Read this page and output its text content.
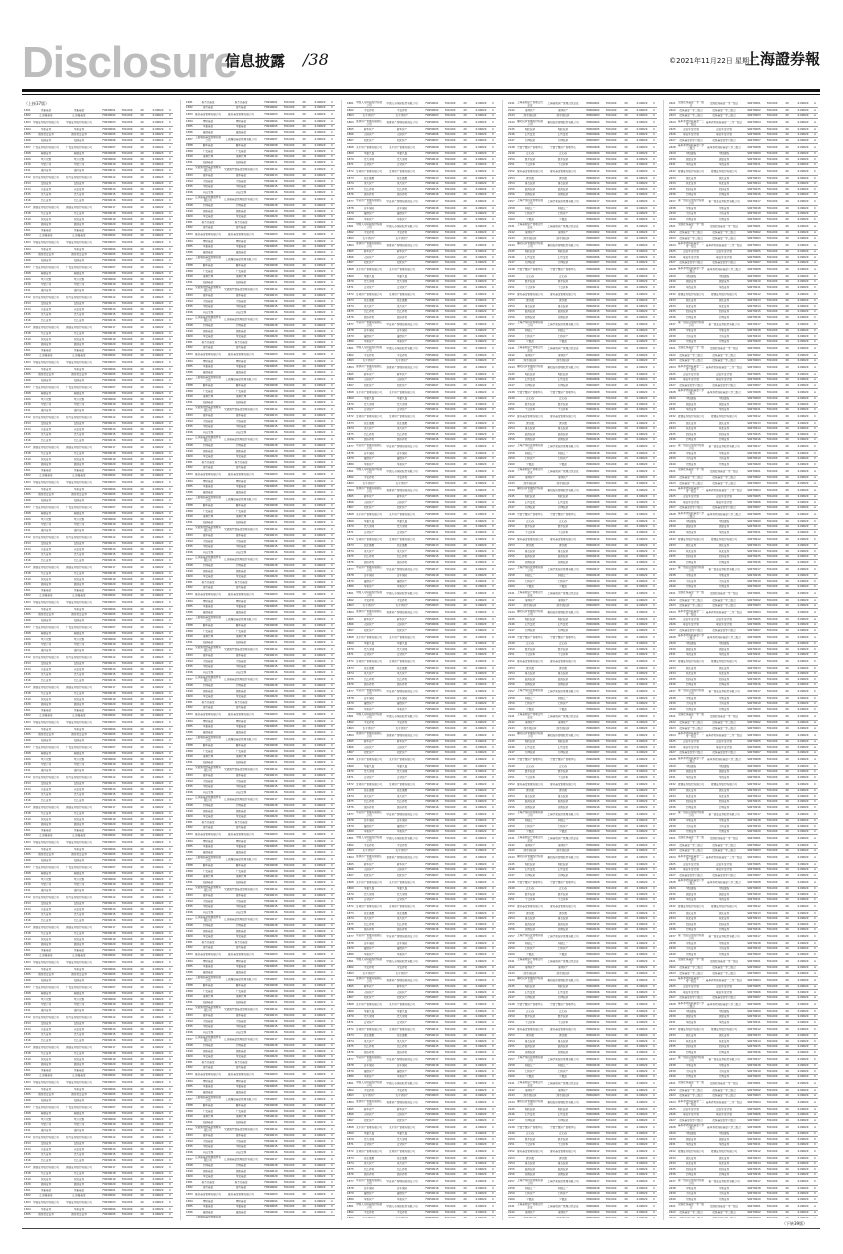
Disclosure
信息披露 /38	©2021年11月22日 星期一
上海證券報
（上接37版）
1301	朱雀基金	朱雀基金	F0030001	700,000	20	0.00020	C
1302	汇添富基金	汇添富基金	F0030002	700,000	20	0.00020	C
1303 中信证券股份有限公司	中信证券股份有限公司	F0030003	700,000	20	0.00020	C
1304	华泰证券	华泰证券	F0030004	700,000	20	0.00020	C
1305	国泰君安证券	国泰君安证券	F0030005	700,000	20	0.00020	C
1306	招商证券	招商证券	F0030006	700,000	20	0.00020	C
1307 广发证券股份有限公司	广发证券股份有限公司	F0030007	700,000	20	0.00020	C
1308	海通证券	海通证券	F0030008	700,000	20	0.00020	C
1309	申万宏源	申万宏源	F0030009	700,000	20	0.00020	C
1310	中金公司	中金公司	F0030010	700,000	20	0.00020	C
1311	银河证券	银河证券	F0030011	700,000	20	0.00020	C
1312 东方证券股份有限公司	东方证券股份有限公司	F0030012	700,000	20	0.00020	C
1313	安信证券	安信证券	F0030013	700,000	20	0.00020	C
1314	兴业证券	兴业证券	F0030014	700,000	20	0.00020	C
1315	光大证券	光大证券	F0030015	700,000	20	0.00020	C
1316	长江证券	长江证券	F0030016	700,000	20	0.00020	C
1317 国信证券股份有限公司	国信证券股份有限公司	F0030017	700,000	20	0.00020	C
1318	方正证券	方正证券	F0030018	700,000	20	0.00020	C
1319	东吴证券	东吴证券	F0030019	700,000	20	0.00020	C
1320	浙商证券	浙商证券	F0030020	700,000	20	0.00020	C
1301	朱雀基金	朱雀基金	F0030001	700,000	20	0.00020	C
1302	汇添富基金	汇添富基金	F0030002	700,000	20	0.00020	C
1303 中信证券股份有限公司	中信证券股份有限公司	F0030003	700,000	20	0.00020	C
1304	华泰证券	华泰证券	F0030004	700,000	20	0.00020	C
1305	国泰君安证券	国泰君安证券	F0030005	700,000	20	0.00020	C
1306	招商证券	招商证券	F0030006	700,000	20	0.00020	C
1307 广发证券股份有限公司	广发证券股份有限公司	F0030007	700,000	20	0.00020	C
1308	海通证券	海通证券	F0030008	700,000	20	0.00020	C
1309	申万宏源	申万宏源	F0030009	700,000	20	0.00020	C
1310	中金公司	中金公司	F0030010	700,000	20	0.00020	C
1311	银河证券	银河证券	F0030011	700,000	20	0.00020	C
1312 东方证券股份有限公司	东方证券股份有限公司	F0030012	700,000	20	0.00020	C
1313	安信证券	安信证券	F0030013	700,000	20	0.00020	C
1314	兴业证券	兴业证券	F0030014	700,000	20	0.00020	C
1315	光大证券	光大证券	F0030015	700,000	20	0.00020	C
1316	长江证券	长江证券	F0030016	700,000	20	0.00020	C
1317 国信证券股份有限公司	国信证券股份有限公司	F0030017	700,000	20	0.00020	C
1318	方正证券	方正证券	F0030018	700,000	20	0.00020	C
1319	东吴证券	东吴证券	F0030019	700,000	20	0.00020	C
1320	浙商证券	浙商证券	F0030020	700,000	20	0.00020	C
1301	朱雀基金	朱雀基金	F0030001	700,000	20	0.00020	C
1302	汇添富基金	汇添富基金	F0030002	700,000	20	0.00020	C
1303 中信证券股份有限公司	中信证券股份有限公司	F0030003	700,000	20	0.00020	C
1304	华泰证券	华泰证券	F0030004	700,000	20	0.00020	C
1305	国泰君安证券	国泰君安证券	F0030005	700,000	20	0.00020	C
1306	招商证券	招商证券	F0030006	700,000	20	0.00020	C
1307 广发证券股份有限公司	广发证券股份有限公司	F0030007	700,000	20	0.00020	C
1308	海通证券	海通证券	F0030008	700,000	20	0.00020	C
1309	申万宏源	申万宏源	F0030009	700,000	20	0.00020	C
1310	中金公司	中金公司	F0030010	700,000	20	0.00020	C
1311	银河证券	银河证券	F0030011	700,000	20	0.00020	C
1312 东方证券股份有限公司	东方证券股份有限公司	F0030012	700,000	20	0.00020	C
1313	安信证券	安信证券	F0030013	700,000	20	0.00020	C
1314	兴业证券	兴业证券	F0030014	700,000	20	0.00020	C
1315	光大证券	光大证券	F0030015	700,000	20	0.00020	C
1316	长江证券	长江证券	F0030016	700,000	20	0.00020	C
1317 国信证券股份有限公司	国信证券股份有限公司	F0030017	700,000	20	0.00020	C
1318	方正证券	方正证券	F0030018	700,000	20	0.00020	C
1319	东吴证券	东吴证券	F0030019	700,000	20	0.00020	C
1320	浙商证券	浙商证券	F0030020	700,000	20	0.00020	C
1301	朱雀基金	朱雀基金	F0030001	700,000	20	0.00020	C
1302	汇添富基金	汇添富基金	F0030002	700,000	20	0.00020	C
1303 中信证券股份有限公司	中信证券股份有限公司	F0030003	700,000	20	0.00020	C
1304	华泰证券	华泰证券	F0030004	700,000	20	0.00020	C
1305	国泰君安证券	国泰君安证券	F0030005	700,000	20	0.00020	C
1306	招商证券	招商证券	F0030006	700,000	20	0.00020	C
1307 广发证券股份有限公司	广发证券股份有限公司	F0030007	700,000	20	0.00020	C
1308	海通证券	海通证券	F0030008	700,000	20	0.00020	C
1309	申万宏源	申万宏源	F0030009	700,000	20	0.00020	C
1310	中金公司	中金公司	F0030010	700,000	20	0.00020	C
1311	银河证券	银河证券	F0030011	700,000	20	0.00020	C
1312 东方证券股份有限公司	东方证券股份有限公司	F0030012	700,000	20	0.00020	C
1313	安信证券	安信证券	F0030013	700,000	20	0.00020	C
1314	兴业证券	兴业证券	F0030014	700,000	20	0.00020	C
1315	光大证券	光大证券	F0030015	700,000	20	0.00020	C
1316	长江证券	长江证券	F0030016	700,000	20	0.00020	C
1317 国信证券股份有限公司	国信证券股份有限公司	F0030017	700,000	20	0.00020	C
1318	方正证券	方正证券	F0030018	700,000	20	0.00020	C
1319	东吴证券	东吴证券	F0030019	700,000	20	0.00020	C
1320	浙商证券	浙商证券	F0030020	700,000	20	0.00020	C
1301	朱雀基金	朱雀基金	F0030001	700,000	20	0.00020	C
1302	汇添富基金	汇添富基金	F0030002	700,000	20	0.00020	C
1303 中信证券股份有限公司	中信证券股份有限公司	F0030003	700,000	20	0.00020	C
1304	华泰证券	华泰证券	F0030004	700,000	20	0.00020	C
1305	国泰君安证券	国泰君安证券	F0030005	700,000	20	0.00020	C
1306	招商证券	招商证券	F0030006	700,000	20	0.00020	C
1307 广发证券股份有限公司	广发证券股份有限公司	F0030007	700,000	20	0.00020	C
1308	海通证券	海通证券	F0030008	700,000	20	0.00020	C
1309	申万宏源	申万宏源	F0030009	700,000	20	0.00020	C
1310	中金公司	中金公司	F0030010	700,000	20	0.00020	C
1311	银河证券	银河证券	F0030011	700,000	20	0.00020	C
1312 东方证券股份有限公司	东方证券股份有限公司	F0030012	700,000	20	0.00020	C
1313	安信证券	安信证券	F0030013	700,000	20	0.00020	C
1314	兴业证券	兴业证券	F0030014	700,000	20	0.00020	C
1315	光大证券	光大证券	F0030015	700,000	20	0.00020	C
1316	长江证券	长江证券	F0030016	700,000	20	0.00020	C
1317 国信证券股份有限公司	国信证券股份有限公司	F0030017	700,000	20	0.00020	C
1318	方正证券	方正证券	F0030018	700,000	20	0.00020	C
1319	东吴证券	东吴证券	F0030019	700,000	20	0.00020	C
1320	浙商证券	浙商证券	F0030020	700,000	20	0.00020	C
1301	朱雀基金	朱雀基金	F0030001	700,000	20	0.00020	C
1302	汇添富基金	汇添富基金	F0030002	700,000	20	0.00020	C
1303 中信证券股份有限公司	中信证券股份有限公司	F0030003	700,000	20	0.00020	C
1304	华泰证券	华泰证券	F0030004	700,000	20	0.00020	C
1305	国泰君安证券	国泰君安证券	F0030005	700,000	20	0.00020	C
1306	招商证券	招商证券	F0030006	700,000	20	0.00020	C
1307 广发证券股份有限公司	广发证券股份有限公司	F0030007	700,000	20	0.00020	C
1308	海通证券	海通证券	F0030008	700,000	20	0.00020	C
1309	申万宏源	申万宏源	F0030009	700,000	20	0.00020	C
1310	中金公司	中金公司	F0030010	700,000	20	0.00020	C
1311	银河证券	银河证券	F0030011	700,000	20	0.00020	C
1312 东方证券股份有限公司	东方证券股份有限公司	F0030012	700,000	20	0.00020	C
1313	安信证券	安信证券	F0030013	700,000	20	0.00020	C
1314	兴业证券	兴业证券	F0030014	700,000	20	0.00020	C
1315	光大证券	光大证券	F0030015	700,000	20	0.00020	C
1316	长江证券	长江证券	F0030016	700,000	20	0.00020	C
1317 国信证券股份有限公司	国信证券股份有限公司	F0030017	700,000	20	0.00020	C
1318	方正证券	方正证券	F0030018	700,000	20	0.00020	C
1319	东吴证券	东吴证券	F0030019	700,000	20	0.00020	C
1320	浙商证券	浙商证券	F0030020	700,000	20	0.00020	C
1301	朱雀基金	朱雀基金	F0030001	700,000	20	0.00020	C
1302	汇添富基金	汇添富基金	F0030002	700,000	20	0.00020	C
1303 中信证券股份有限公司	中信证券股份有限公司	F0030003	700,000	20	0.00020	C
1304	华泰证券	华泰证券	F0030004	700,000	20	0.00020	C
1305	国泰君安证券	国泰君安证券	F0030005	700,000	20	0.00020	C
1306	招商证券	招商证券	F0030006	700,000	20	0.00020	C
1307 广发证券股份有限公司	广发证券股份有限公司	F0030007	700,000	20	0.00020	C
1308	海通证券	海通证券	F0030008	700,000	20	0.00020	C
1309	申万宏源	申万宏源	F0030009	700,000	20	0.00020	C
1310	中金公司	中金公司	F0030010	700,000	20	0.00020	C
1311	银河证券	银河证券	F0030011	700,000	20	0.00020	C
1312 东方证券股份有限公司	东方证券股份有限公司	F0030012	700,000	20	0.00020	C
1313	安信证券	安信证券	F0030013	700,000	20	0.00020	C
1314	兴业证券	兴业证券	F0030014	700,000	20	0.00020	C
1315	光大证券	光大证券	F0030015	700,000	20	0.00020	C
1316	长江证券	长江证券	F0030016	700,000	20	0.00020	C
1317 国信证券股份有限公司	国信证券股份有限公司	F0030017	700,000	20	0.00020	C
1318	方正证券	方正证券	F0030018	700,000	20	0.00020	C
1319	东吴证券	东吴证券	F0030019	700,000	20	0.00020	C
1320	浙商证券	浙商证券	F0030020	700,000	20	0.00020	C
1301	朱雀基金	朱雀基金	F0030001	700,000	20	0.00020	C
1302	汇添富基金	汇添富基金	F0030002	700,000	20	0.00020	C
1303 中信证券股份有限公司	中信证券股份有限公司	F0030003	700,000	20	0.00020	C
1304	华泰证券	华泰证券	F0030004	700,000	20	0.00020	C
1305	国泰君安证券	国泰君安证券	F0030005	700,000	20	0.00020	C
1306	招商证券	招商证券	F0030006	700,000	20	0.00020	C
1307 广发证券股份有限公司	广发证券股份有限公司	F0030007	700,000	20	0.00020	C
1308	海通证券	海通证券	F0030008	700,000	20	0.00020	C
1309	申万宏源	申万宏源	F0030009	700,000	20	0.00020	C
1310	中金公司	中金公司	F0030010	700,000	20	0.00020	C
1311	银河证券	银河证券	F0030011	700,000	20	0.00020	C
1312 东方证券股份有限公司	东方证券股份有限公司	F0030012	700,000	20	0.00020	C
1313	安信证券	安信证券	F0030013	700,000	20	0.00020	C
1314	兴业证券	兴业证券	F0030014	700,000	20	0.00020	C
1315	光大证券	光大证券	F0030015	700,000	20	0.00020	C
1316	长江证券	长江证券	F0030016	700,000	20	0.00020	C
1317 国信证券股份有限公司	国信证券股份有限公司	F0030017	700,000	20	0.00020	C
1318	方正证券	方正证券	F0030018	700,000	20	0.00020	C
1319	东吴证券	东吴证券	F0030019	700,000	20	0.00020	C
1320	浙商证券	浙商证券	F0030020	700,000	20	0.00020	C
1301	朱雀基金	朱雀基金	F0030001	700,000	20	0.00020	C
1302	汇添富基金	汇添富基金	F0030002	700,000	20	0.00020	C
1303 中信证券股份有限公司	中信证券股份有限公司	F0030003	700,000	20	0.00020	C
1304	华泰证券	华泰证券	F0030004	700,000	20	0.00020	C
1305	国泰君安证券	国泰君安证券	F0030005	700,000	20	0.00020	C
1306	招商证券	招商证券	F0030006	700,000	20	0.00020	C
1307 广发证券股份有限公司	广发证券股份有限公司	F0030007	700,000	20	0.00020	C
1308	海通证券	海通证券	F0030008	700,000	20	0.00020	C
1309	申万宏源	申万宏源	F0030009	700,000	20	0.00020	C
1310	中金公司	中金公司	F0030010	700,000	20	0.00020	C
1311	银河证券	银河证券	F0030011	700,000	20	0.00020	C
1312 东方证券股份有限公司	东方证券股份有限公司	F0030012	700,000	20	0.00020	C
1313	安信证券	安信证券	F0030013	700,000	20	0.00020	C
1314	兴业证券	兴业证券	F0030014	700,000	20	0.00020	C
1315	光大证券	光大证券	F0030015	700,000	20	0.00020	C
1316	长江证券	长江证券	F0030016	700,000	20	0.00020	C
1317 国信证券股份有限公司	国信证券股份有限公司	F0030017	700,000	20	0.00020	C
1318	方正证券	方正证券	F0030018	700,000	20	0.00020	C
1319	东吴证券	东吴证券	F0030019	700,000	20	0.00020	C
1320	浙商证券	浙商证券	F0030020	700,000	20	0.00020	C
1301	朱雀基金	朱雀基金	F0030001	700,000	20	0.00020	C
1302	汇添富基金	汇添富基金	F0030002	700,000	20	0.00020	C
1303 中信证券股份有限公司	中信证券股份有限公司	F0030003	700,000	20	0.00020	C
1304	华泰证券	华泰证券	F0030004	700,000	20	0.00020	C
1305	国泰君安证券	国泰君安证券	F0030005	700,000	20	0.00020	C
1581	易方达基金	易方达基金	F0040001	700,000	20	0.00020	C
1582	南方基金	南方基金	F0040002	700,000	20	0.00020	C
1583 嘉实基金管理有限公司	嘉实基金管理有限公司	F0040003	700,000	20	0.00020	C
1584	博时基金	博时基金	F0040004	700,000	20	0.00020	C
1585	华夏基金	华夏基金	F0040005	700,000	20	0.00020	C
1586	富国基金	富国基金	F0040006	700,000	20	0.00020	C
1587 工银瑞信基金管理有限公司	工银瑞信基金管理有限公司	F0040007	700,000	20	0.00020	C
1588	鹏华基金	鹏华基金	F0040008	700,000	20	0.00020	C
1589	广发基金	广发基金	F0040009	700,000	20	0.00020	C
1590	景顺长城	景顺长城	F0040010	700,000	20	0.00020	C
1591	招商基金	招商基金	F0040011	700,000	20	0.00020	C
1592 交银施罗德基金管理有限公司	交银施罗德基金管理有限公司	F0040012	700,000	20	0.00020	C
1593	银华基金	银华基金	F0040013	700,000	20	0.00020	C
1594	大成基金	大成基金	F0040014	700,000	20	0.00020	C
1595	中欧基金	中欧基金	F0040015	700,000	20	0.00020	C
1596	兴证全球	兴证全球	F0040016	700,000	20	0.00020	C
1597 汇添富基金管理股份有限公司	汇添富基金管理股份有限公司	F0040017	700,000	20	0.00020	C
1598	长城基金	长城基金	F0040018	700,000	20	0.00020	C
1599	国泰基金	国泰基金	F0040019	700,000	20	0.00020	C
1600	华安基金	华安基金	F0040020	700,000	20	0.00020	C
1581	易方达基金	易方达基金	F0040001	700,000	20	0.00020	C
1582	南方基金	南方基金	F0040002	700,000	20	0.00020	C
1583 嘉实基金管理有限公司	嘉实基金管理有限公司	F0040003	700,000	20	0.00020	C
1584	博时基金	博时基金	F0040004	700,000	20	0.00020	C
1585	华夏基金	华夏基金	F0040005	700,000	20	0.00020	C
1586	富国基金	富国基金	F0040006	700,000	20	0.00020	C
1587 工银瑞信基金管理有限公司	工银瑞信基金管理有限公司	F0040007	700,000	20	0.00020	C
1588	鹏华基金	鹏华基金	F0040008	700,000	20	0.00020	C
1589	广发基金	广发基金	F0040009	700,000	20	0.00020	C
1590	景顺长城	景顺长城	F0040010	700,000	20	0.00020	C
1591	招商基金	招商基金	F0040011	700,000	20	0.00020	C
1592 交银施罗德基金管理有限公司	交银施罗德基金管理有限公司	F0040012	700,000	20	0.00020	C
1593	银华基金	银华基金	F0040013	700,000	20	0.00020	C
1594	大成基金	大成基金	F0040014	700,000	20	0.00020	C
1595	中欧基金	中欧基金	F0040015	700,000	20	0.00020	C
1596	兴证全球	兴证全球	F0040016	700,000	20	0.00020	C
1597 汇添富基金管理股份有限公司	汇添富基金管理股份有限公司	F0040017	700,000	20	0.00020	C
1598	长城基金	长城基金	F0040018	700,000	20	0.00020	C
1599	国泰基金	国泰基金	F0040019	700,000	20	0.00020	C
1600	华安基金	华安基金	F0040020	700,000	20	0.00020	C
1581	易方达基金	易方达基金	F0040001	700,000	20	0.00020	C
1582	南方基金	南方基金	F0040002	700,000	20	0.00020	C
1583 嘉实基金管理有限公司	嘉实基金管理有限公司	F0040003	700,000	20	0.00020	C
1584	博时基金	博时基金	F0040004	700,000	20	0.00020	C
1585	华夏基金	华夏基金	F0040005	700,000	20	0.00020	C
1586	富国基金	富国基金	F0040006	700,000	20	0.00020	C
1587 工银瑞信基金管理有限公司	工银瑞信基金管理有限公司	F0040007	700,000	20	0.00020	C
1588	鹏华基金	鹏华基金	F0040008	700,000	20	0.00020	C
1589	广发基金	广发基金	F0040009	700,000	20	0.00020	C
1590	景顺长城	景顺长城	F0040010	700,000	20	0.00020	C
1591	招商基金	招商基金	F0040011	700,000	20	0.00020	C
1592 交银施罗德基金管理有限公司	交银施罗德基金管理有限公司	F0040012	700,000	20	0.00020	C
1593	银华基金	银华基金	F0040013	700,000	20	0.00020	C
1594	大成基金	大成基金	F0040014	700,000	20	0.00020	C
1595	中欧基金	中欧基金	F0040015	700,000	20	0.00020	C
1596	兴证全球	兴证全球	F0040016	700,000	20	0.00020	C
1597 汇添富基金管理股份有限公司	汇添富基金管理股份有限公司	F0040017	700,000	20	0.00020	C
1598	长城基金	长城基金	F0040018	700,000	20	0.00020	C
1599	国泰基金	国泰基金	F0040019	700,000	20	0.00020	C
1600	华安基金	华安基金	F0040020	700,000	20	0.00020	C
1581	易方达基金	易方达基金	F0040001	700,000	20	0.00020	C
1582	南方基金	南方基金	F0040002	700,000	20	0.00020	C
1583 嘉实基金管理有限公司	嘉实基金管理有限公司	F0040003	700,000	20	0.00020	C
1584	博时基金	博时基金	F0040004	700,000	20	0.00020	C
1585	华夏基金	华夏基金	F0040005	700,000	20	0.00020	C
1586	富国基金	富国基金	F0040006	700,000	20	0.00020	C
1587 工银瑞信基金管理有限公司	工银瑞信基金管理有限公司	F0040007	700,000	20	0.00020	C
1588	鹏华基金	鹏华基金	F0040008	700,000	20	0.00020	C
1589	广发基金	广发基金	F0040009	700,000	20	0.00020	C
1590	景顺长城	景顺长城	F0040010	700,000	20	0.00020	C
1591	招商基金	招商基金	F0040011	700,000	20	0.00020	C
1592 交银施罗德基金管理有限公司	交银施罗德基金管理有限公司	F0040012	700,000	20	0.00020	C
1593	银华基金	银华基金	F0040013	700,000	20	0.00020	C
1594	大成基金	大成基金	F0040014	700,000	20	0.00020	C
1595	中欧基金	中欧基金	F0040015	700,000	20	0.00020	C
1596	兴证全球	兴证全球	F0040016	700,000	20	0.00020	C
1597 汇添富基金管理股份有限公司	汇添富基金管理股份有限公司	F0040017	700,000	20	0.00020	C
1598	长城基金	长城基金	F0040018	700,000	20	0.00020	C
1599	国泰基金	国泰基金	F0040019	700,000	20	0.00020	C
1600	华安基金	华安基金	F0040020	700,000	20	0.00020	C
1581	易方达基金	易方达基金	F0040001	700,000	20	0.00020	C
1582	南方基金	南方基金	F0040002	700,000	20	0.00020	C
1583 嘉实基金管理有限公司	嘉实基金管理有限公司	F0040003	700,000	20	0.00020	C
1584	博时基金	博时基金	F0040004	700,000	20	0.00020	C
1585	华夏基金	华夏基金	F0040005	700,000	20	0.00020	C
1586	富国基金	富国基金	F0040006	700,000	20	0.00020	C
1587 工银瑞信基金管理有限公司	工银瑞信基金管理有限公司	F0040007	700,000	20	0.00020	C
1588	鹏华基金	鹏华基金	F0040008	700,000	20	0.00020	C
1589	广发基金	广发基金	F0040009	700,000	20	0.00020	C
1590	景顺长城	景顺长城	F0040010	700,000	20	0.00020	C
1591	招商基金	招商基金	F0040011	700,000	20	0.00020	C
1592 交银施罗德基金管理有限公司	交银施罗德基金管理有限公司	F0040012	700,000	20	0.00020	C
1593	银华基金	银华基金	F0040013	700,000	20	0.00020	C
1594	大成基金	大成基金	F0040014	700,000	20	0.00020	C
1595	中欧基金	中欧基金	F0040015	700,000	20	0.00020	C
1596	兴证全球	兴证全球	F0040016	700,000	20	0.00020	C
1597 汇添富基金管理股份有限公司	汇添富基金管理股份有限公司	F0040017	700,000	20	0.00020	C
1598	长城基金	长城基金	F0040018	700,000	20	0.00020	C
1599	国泰基金	国泰基金	F0040019	700,000	20	0.00020	C
1600	华安基金	华安基金	F0040020	700,000	20	0.00020	C
1581	易方达基金	易方达基金	F0040001	700,000	20	0.00020	C
1582	南方基金	南方基金	F0040002	700,000	20	0.00020	C
1583 嘉实基金管理有限公司	嘉实基金管理有限公司	F0040003	700,000	20	0.00020	C
1584	博时基金	博时基金	F0040004	700,000	20	0.00020	C
1585	华夏基金	华夏基金	F0040005	700,000	20	0.00020	C
1586	富国基金	富国基金	F0040006	700,000	20	0.00020	C
1587 工银瑞信基金管理有限公司	工银瑞信基金管理有限公司	F0040007	700,000	20	0.00020	C
1588	鹏华基金	鹏华基金	F0040008	700,000	20	0.00020	C
1589	广发基金	广发基金	F0040009	700,000	20	0.00020	C
1590	景顺长城	景顺长城	F0040010	700,000	20	0.00020	C
1591	招商基金	招商基金	F0040011	700,000	20	0.00020	C
1592 交银施罗德基金管理有限公司	交银施罗德基金管理有限公司	F0040012	700,000	20	0.00020	C
1593	银华基金	银华基金	F0040013	700,000	20	0.00020	C
1594	大成基金	大成基金	F0040014	700,000	20	0.00020	C
1595	中欧基金	中欧基金	F0040015	700,000	20	0.00020	C
1596	兴证全球	兴证全球	F0040016	700,000	20	0.00020	C
1597 汇添富基金管理股份有限公司	汇添富基金管理股份有限公司	F0040017	700,000	20	0.00020	C
1598	长城基金	长城基金	F0040018	700,000	20	0.00020	C
1599	国泰基金	国泰基金	F0040019	700,000	20	0.00020	C
1600	华安基金	华安基金	F0040020	700,000	20	0.00020	C
1581	易方达基金	易方达基金	F0040001	700,000	20	0.00020	C
1582	南方基金	南方基金	F0040002	700,000	20	0.00020	C
1583 嘉实基金管理有限公司	嘉实基金管理有限公司	F0040003	700,000	20	0.00020	C
1584	博时基金	博时基金	F0040004	700,000	20	0.00020	C
1585	华夏基金	华夏基金	F0040005	700,000	20	0.00020	C
1586	富国基金	富国基金	F0040006	700,000	20	0.00020	C
1587 工银瑞信基金管理有限公司	工银瑞信基金管理有限公司	F0040007	700,000	20	0.00020	C
1588	鹏华基金	鹏华基金	F0040008	700,000	20	0.00020	C
1589	广发基金	广发基金	F0040009	700,000	20	0.00020	C
1590	景顺长城	景顺长城	F0040010	700,000	20	0.00020	C
1591	招商基金	招商基金	F0040011	700,000	20	0.00020	C
1592 交银施罗德基金管理有限公司	交银施罗德基金管理有限公司	F0040012	700,000	20	0.00020	C
1593	银华基金	银华基金	F0040013	700,000	20	0.00020	C
1594	大成基金	大成基金	F0040014	700,000	20	0.00020	C
1595	中欧基金	中欧基金	F0040015	700,000	20	0.00020	C
1596	兴证全球	兴证全球	F0040016	700,000	20	0.00020	C
1597 汇添富基金管理股份有限公司	汇添富基金管理股份有限公司	F0040017	700,000	20	0.00020	C
1598	长城基金	长城基金	F0040018	700,000	20	0.00020	C
1599	国泰基金	国泰基金	F0040019	700,000	20	0.00020	C
1600	华安基金	华安基金	F0040020	700,000	20	0.00020	C
1581	易方达基金	易方达基金	F0040001	700,000	20	0.00020	C
1582	南方基金	南方基金	F0040002	700,000	20	0.00020	C
1583 嘉实基金管理有限公司	嘉实基金管理有限公司	F0040003	700,000	20	0.00020	C
1584	博时基金	博时基金	F0040004	700,000	20	0.00020	C
1585	华夏基金	华夏基金	F0040005	700,000	20	0.00020	C
1586	富国基金	富国基金	F0040006	700,000	20	0.00020	C
1587 工银瑞信基金管理有限公司	工银瑞信基金管理有限公司	F0040007	700,000	20	0.00020	C
1588	鹏华基金	鹏华基金	F0040008	700,000	20	0.00020	C
1589	广发基金	广发基金	F0040009	700,000	20	0.00020	C
1590	景顺长城	景顺长城	F0040010	700,000	20	0.00020	C
1591	招商基金	招商基金	F0040011	700,000	20	0.00020	C
1592 交银施罗德基金管理有限公司	交银施罗德基金管理有限公司	F0040012	700,000	20	0.00020	C
1593	银华基金	银华基金	F0040013	700,000	20	0.00020	C
1594	大成基金	大成基金	F0040014	700,000	20	0.00020	C
1595	中欧基金	中欧基金	F0040015	700,000	20	0.00020	C
1596	兴证全球	兴证全球	F0040016	700,000	20	0.00020	C
1597 汇添富基金管理股份有限公司	汇添富基金管理股份有限公司	F0040017	700,000	20	0.00020	C
1598	长城基金	长城基金	F0040018	700,000	20	0.00020	C
1599	国泰基金	国泰基金	F0040019	700,000	20	0.00020	C
1600	华安基金	华安基金	F0040020	700,000	20	0.00020	C
1581	易方达基金	易方达基金	F0040001	700,000	20	0.00020	C
1582	南方基金	南方基金	F0040002	700,000	20	0.00020	C
1583 嘉实基金管理有限公司	嘉实基金管理有限公司	F0040003	700,000	20	0.00020	C
1584	博时基金	博时基金	F0040004	700,000	20	0.00020	C
1585	华夏基金	华夏基金	F0040005	700,000	20	0.00020	C
1586	富国基金	富国基金	F0040006	700,000	20	0.00020	C
1587 工银瑞信基金管理有限公司	工银瑞信基金管理有限公司	F0040007	700,000	20	0.00020	C
1588	鹏华基金	鹏华基金	F0040008	700,000	20	0.00020	C
1589	广发基金	广发基金	F0040009	700,000	20	0.00020	C
1590	景顺长城	景顺长城	F0040010	700,000	20	0.00020	C
1591	招商基金	招商基金	F0040011	700,000	20	0.00020	C
1592 交银施罗德基金管理有限公司	交银施罗德基金管理有限公司	F0040012	700,000	20	0.00020	C
1593	银华基金	银华基金	F0040013	700,000	20	0.00020	C
1594	大成基金	大成基金	F0040014	700,000	20	0.00020	C
1595	中欧基金	中欧基金	F0040015	700,000	20	0.00020	C
1596	兴证全球	兴证全球	F0040016	700,000	20	0.00020	C
1597 汇添富基金管理股份有限公司	汇添富基金管理股份有限公司	F0040017	700,000	20	0.00020	C
1598	长城基金	长城基金	F0040018	700,000	20	0.00020	C
1599	国泰基金	国泰基金	F0040019	700,000	20	0.00020	C
1600	华安基金	华安基金	F0040020	700,000	20	0.00020	C
1581	易方达基金	易方达基金	F0040001	700,000	20	0.00020	C
1582	南方基金	南方基金	F0040002	700,000	20	0.00020	C
1583 嘉实基金管理有限公司	嘉实基金管理有限公司	F0040003	700,000	20	0.00020	C
1584	博时基金	博时基金	F0040004	700,000	20	0.00020	C
1585	华夏基金	华夏基金	F0040005	700,000	20	0.00020	C
1586	富国基金	富国基金	F0040006	700,000	20	0.00020	C
工银瑞信基金管理有限
1861 中国人寿保险股份有限公司	中国人寿保险股份有限公司	F0050001	700,000	20	0.00020	C
1862	平安养老	平安养老	F0050002	700,000	20	0.00020	C
1863	太平洋资产	太平洋资产	F0050003	700,000	20	0.00020	C
1864 泰康资产管理有限责任公司	泰康资产管理有限责任公司	F0050004	700,000	20	0.00020	C
1865	新华资产	新华资产	F0050005	700,000	20	0.00020	C
1866	人保资产	人保资产	F0050006	700,000	20	0.00020	C
1867	阳光资产	阳光资产	F0050007	700,000	20	0.00020	C
1868 太平资产管理有限公司	太平资产管理有限公司	F0050008	700,000	20	0.00020	C
1869	华夏久盈	华夏久盈	F0050009	700,000	20	0.00020	C
1870	光大永明	光大永明	F0050010	700,000	20	0.00020	C
1871	合众资产	合众资产	F0050011	700,000	20	0.00020	C
1872 生命资产管理有限公司	生命资产管理有限公司	F0050012	700,000	20	0.00020	C
1873	民生通惠	民生通惠	F0050013	700,000	20	0.00020	C
1874	英大资产	英大资产	F0050014	700,000	20	0.00020	C
1875	长江养老	长江养老	F0050015	700,000	20	0.00020	C
1876	国寿养老	国寿养老	F0050016	700,000	20	0.00020	C
1877 中意资产管理有限责任公司	中意资产管理有限责任公司	F0050017	700,000	20	0.00020	C
1878	百年保险	百年保险	F0050018	700,000	20	0.00020	C
1879	富德资产	富德资产	F0050019	700,000	20	0.00020	C
1880	华泰资产	华泰资产	F0050020	700,000	20	0.00020	C
1861 中国人寿保险股份有限公司	中国人寿保险股份有限公司	F0050001	700,000	20	0.00020	C
1862	平安养老	平安养老	F0050002	700,000	20	0.00020	C
1863	太平洋资产	太平洋资产	F0050003	700,000	20	0.00020	C
1864 泰康资产管理有限责任公司	泰康资产管理有限责任公司	F0050004	700,000	20	0.00020	C
1865	新华资产	新华资产	F0050005	700,000	20	0.00020	C
1866	人保资产	人保资产	F0050006	700,000	20	0.00020	C
1867	阳光资产	阳光资产	F0050007	700,000	20	0.00020	C
1868 太平资产管理有限公司	太平资产管理有限公司	F0050008	700,000	20	0.00020	C
1869	华夏久盈	华夏久盈	F0050009	700,000	20	0.00020	C
1870	光大永明	光大永明	F0050010	700,000	20	0.00020	C
1871	合众资产	合众资产	F0050011	700,000	20	0.00020	C
1872 生命资产管理有限公司	生命资产管理有限公司	F0050012	700,000	20	0.00020	C
1873	民生通惠	民生通惠	F0050013	700,000	20	0.00020	C
1874	英大资产	英大资产	F0050014	700,000	20	0.00020	C
1875	长江养老	长江养老	F0050015	700,000	20	0.00020	C
1876	国寿养老	国寿养老	F0050016	700,000	20	0.00020	C
1877 中意资产管理有限责任公司	中意资产管理有限责任公司	F0050017	700,000	20	0.00020	C
1878	百年保险	百年保险	F0050018	700,000	20	0.00020	C
1879	富德资产	富德资产	F0050019	700,000	20	0.00020	C
1880	华泰资产	华泰资产	F0050020	700,000	20	0.00020	C
1861 中国人寿保险股份有限公司	中国人寿保险股份有限公司	F0050001	700,000	20	0.00020	C
1862	平安养老	平安养老	F0050002	700,000	20	0.00020	C
1863	太平洋资产	太平洋资产	F0050003	700,000	20	0.00020	C
1864 泰康资产管理有限责任公司	泰康资产管理有限责任公司	F0050004	700,000	20	0.00020	C
1865	新华资产	新华资产	F0050005	700,000	20	0.00020	C
1866	人保资产	人保资产	F0050006	700,000	20	0.00020	C
1867	阳光资产	阳光资产	F0050007	700,000	20	0.00020	C
1868 太平资产管理有限公司	太平资产管理有限公司	F0050008	700,000	20	0.00020	C
1869	华夏久盈	华夏久盈	F0050009	700,000	20	0.00020	C
1870	光大永明	光大永明	F0050010	700,000	20	0.00020	C
1871	合众资产	合众资产	F0050011	700,000	20	0.00020	C
1872 生命资产管理有限公司	生命资产管理有限公司	F0050012	700,000	20	0.00020	C
1873	民生通惠	民生通惠	F0050013	700,000	20	0.00020	C
1874	英大资产	英大资产	F0050014	700,000	20	0.00020	C
1875	长江养老	长江养老	F0050015	700,000	20	0.00020	C
1876	国寿养老	国寿养老	F0050016	700,000	20	0.00020	C
1877 中意资产管理有限责任公司	中意资产管理有限责任公司	F0050017	700,000	20	0.00020	C
1878	百年保险	百年保险	F0050018	700,000	20	0.00020	C
1879	富德资产	富德资产	F0050019	700,000	20	0.00020	C
1880	华泰资产	华泰资产	F0050020	700,000	20	0.00020	C
1861 中国人寿保险股份有限公司	中国人寿保险股份有限公司	F0050001	700,000	20	0.00020	C
1862	平安养老	平安养老	F0050002	700,000	20	0.00020	C
1863	太平洋资产	太平洋资产	F0050003	700,000	20	0.00020	C
1864 泰康资产管理有限责任公司	泰康资产管理有限责任公司	F0050004	700,000	20	0.00020	C
1865	新华资产	新华资产	F0050005	700,000	20	0.00020	C
1866	人保资产	人保资产	F0050006	700,000	20	0.00020	C
1867	阳光资产	阳光资产	F0050007	700,000	20	0.00020	C
1868 太平资产管理有限公司	太平资产管理有限公司	F0050008	700,000	20	0.00020	C
1869	华夏久盈	华夏久盈	F0050009	700,000	20	0.00020	C
1870	光大永明	光大永明	F0050010	700,000	20	0.00020	C
1871	合众资产	合众资产	F0050011	700,000	20	0.00020	C
1872 生命资产管理有限公司	生命资产管理有限公司	F0050012	700,000	20	0.00020	C
1873	民生通惠	民生通惠	F0050013	700,000	20	0.00020	C
1874	英大资产	英大资产	F0050014	700,000	20	0.00020	C
1875	长江养老	长江养老	F0050015	700,000	20	0.00020	C
1876	国寿养老	国寿养老	F0050016	700,000	20	0.00020	C
1877 中意资产管理有限责任公司	中意资产管理有限责任公司	F0050017	700,000	20	0.00020	C
1878	百年保险	百年保险	F0050018	700,000	20	0.00020	C
1879	富德资产	富德资产	F0050019	700,000	20	0.00020	C
1880	华泰资产	华泰资产	F0050020	700,000	20	0.00020	C
1861 中国人寿保险股份有限公司	中国人寿保险股份有限公司	F0050001	700,000	20	0.00020	C
1862	平安养老	平安养老	F0050002	700,000	20	0.00020	C
1863	太平洋资产	太平洋资产	F0050003	700,000	20	0.00020	C
1864 泰康资产管理有限责任公司	泰康资产管理有限责任公司	F0050004	700,000	20	0.00020	C
1865	新华资产	新华资产	F0050005	700,000	20	0.00020	C
1866	人保资产	人保资产	F0050006	700,000	20	0.00020	C
1867	阳光资产	阳光资产	F0050007	700,000	20	0.00020	C
1868 太平资产管理有限公司	太平资产管理有限公司	F0050008	700,000	20	0.00020	C
1869	华夏久盈	华夏久盈	F0050009	700,000	20	0.00020	C
1870	光大永明	光大永明	F0050010	700,000	20	0.00020	C
1871	合众资产	合众资产	F0050011	700,000	20	0.00020	C
1872 生命资产管理有限公司	生命资产管理有限公司	F0050012	700,000	20	0.00020	C
1873	民生通惠	民生通惠	F0050013	700,000	20	0.00020	C
1874	英大资产	英大资产	F0050014	700,000	20	0.00020	C
1875	长江养老	长江养老	F0050015	700,000	20	0.00020	C
1876	国寿养老	国寿养老	F0050016	700,000	20	0.00020	C
1877 中意资产管理有限责任公司	中意资产管理有限责任公司	F0050017	700,000	20	0.00020	C
1878	百年保险	百年保险	F0050018	700,000	20	0.00020	C
1879	富德资产	富德资产	F0050019	700,000	20	0.00020	C
1880	华泰资产	华泰资产	F0050020	700,000	20	0.00020	C
1861 中国人寿保险股份有限公司	中国人寿保险股份有限公司	F0050001	700,000	20	0.00020	C
1862	平安养老	平安养老	F0050002	700,000	20	0.00020	C
1863	太平洋资产	太平洋资产	F0050003	700,000	20	0.00020	C
1864 泰康资产管理有限责任公司	泰康资产管理有限责任公司	F0050004	700,000	20	0.00020	C
1865	新华资产	新华资产	F0050005	700,000	20	0.00020	C
1866	人保资产	人保资产	F0050006	700,000	20	0.00020	C
1867	阳光资产	阳光资产	F0050007	700,000	20	0.00020	C
1868 太平资产管理有限公司	太平资产管理有限公司	F0050008	700,000	20	0.00020	C
1869	华夏久盈	华夏久盈	F0050009	700,000	20	0.00020	C
1870	光大永明	光大永明	F0050010	700,000	20	0.00020	C
1871	合众资产	合众资产	F0050011	700,000	20	0.00020	C
1872 生命资产管理有限公司	生命资产管理有限公司	F0050012	700,000	20	0.00020	C
1873	民生通惠	民生通惠	F0050013	700,000	20	0.00020	C
1874	英大资产	英大资产	F0050014	700,000	20	0.00020	C
1875	长江养老	长江养老	F0050015	700,000	20	0.00020	C
1876	国寿养老	国寿养老	F0050016	700,000	20	0.00020	C
1877 中意资产管理有限责任公司	中意资产管理有限责任公司	F0050017	700,000	20	0.00020	C
1878	百年保险	百年保险	F0050018	700,000	20	0.00020	C
1879	富德资产	富德资产	F0050019	700,000	20	0.00020	C
1880	华泰资产	华泰资产	F0050020	700,000	20	0.00020	C
1861 中国人寿保险股份有限公司	中国人寿保险股份有限公司	F0050001	700,000	20	0.00020	C
1862	平安养老	平安养老	F0050002	700,000	20	0.00020	C
1863	太平洋资产	太平洋资产	F0050003	700,000	20	0.00020	C
1864 泰康资产管理有限责任公司	泰康资产管理有限责任公司	F0050004	700,000	20	0.00020	C
1865	新华资产	新华资产	F0050005	700,000	20	0.00020	C
1866	人保资产	人保资产	F0050006	700,000	20	0.00020	C
1867	阳光资产	阳光资产	F0050007	700,000	20	0.00020	C
1868 太平资产管理有限公司	太平资产管理有限公司	F0050008	700,000	20	0.00020	C
1869	华夏久盈	华夏久盈	F0050009	700,000	20	0.00020	C
1870	光大永明	光大永明	F0050010	700,000	20	0.00020	C
1871	合众资产	合众资产	F0050011	700,000	20	0.00020	C
1872 生命资产管理有限公司	生命资产管理有限公司	F0050012	700,000	20	0.00020	C
1873	民生通惠	民生通惠	F0050013	700,000	20	0.00020	C
1874	英大资产	英大资产	F0050014	700,000	20	0.00020	C
1875	长江养老	长江养老	F0050015	700,000	20	0.00020	C
1876	国寿养老	国寿养老	F0050016	700,000	20	0.00020	C
1877 中意资产管理有限责任公司	中意资产管理有限责任公司	F0050017	700,000	20	0.00020	C
1878	百年保险	百年保险	F0050018	700,000	20	0.00020	C
1879	富德资产	富德资产	F0050019	700,000	20	0.00020	C
1880	华泰资产	华泰资产	F0050020	700,000	20	0.00020	C
1861 中国人寿保险股份有限公司	中国人寿保险股份有限公司	F0050001	700,000	20	0.00020	C
1862	平安养老	平安养老	F0050002	700,000	20	0.00020	C
1863	太平洋资产	太平洋资产	F0050003	700,000	20	0.00020	C
1864 泰康资产管理有限责任公司	泰康资产管理有限责任公司	F0050004	700,000	20	0.00020	C
1865	新华资产	新华资产	F0050005	700,000	20	0.00020	C
1866	人保资产	人保资产	F0050006	700,000	20	0.00020	C
1867	阳光资产	阳光资产	F0050007	700,000	20	0.00020	C
1868 太平资产管理有限公司	太平资产管理有限公司	F0050008	700,000	20	0.00020	C
1869	华夏久盈	华夏久盈	F0050009	700,000	20	0.00020	C
1870	光大永明	光大永明	F0050010	700,000	20	0.00020	C
1871	合众资产	合众资产	F0050011	700,000	20	0.00020	C
1872 生命资产管理有限公司	生命资产管理有限公司	F0050012	700,000	20	0.00020	C
1873	民生通惠	民生通惠	F0050013	700,000	20	0.00020	C
1874	英大资产	英大资产	F0050014	700,000	20	0.00020	C
1875	长江养老	长江养老	F0050015	700,000	20	0.00020	C
1876	国寿养老	国寿养老	F0050016	700,000	20	0.00020	C
1877 中意资产管理有限责任公司	中意资产管理有限责任公司	F0050017	700,000	20	0.00020	C
1878	百年保险	百年保险	F0050018	700,000	20	0.00020	C
1879	富德资产	富德资产	F0050019	700,000	20	0.00020	C
1880	华泰资产	华泰资产	F0050020	700,000	20	0.00020	C
1861 中国人寿保险股份有限公司	中国人寿保险股份有限公司	F0050001	700,000	20	0.00020	C
1862	平安养老	平安养老	F0050002	700,000	20	0.00020	C
1863	太平洋资产	太平洋资产	F0050003	700,000	20	0.00020	C
1864 泰康资产管理有限责任公司	泰康资产管理有限责任公司	F0050004	700,000	20	0.00020	C
1865	新华资产	新华资产	F0050005	700,000	20	0.00020	C
1866	人保资产	人保资产	F0050006	700,000	20	0.00020	C
1867	阳光资产	阳光资产	F0050007	700,000	20	0.00020	C
1868 太平资产管理有限公司	太平资产管理有限公司	F0050008	700,000	20	0.00020	C
1869	华夏久盈	华夏久盈	F0050009	700,000	20	0.00020	C
1870	光大永明	光大永明	F0050010	700,000	20	0.00020	C
1871	合众资产	合众资产	F0050011	700,000	20	0.00020	C
1872 生命资产管理有限公司	生命资产管理有限公司	F0050012	700,000	20	0.00020	C
1873	民生通惠	民生通惠	F0050013	700,000	20	0.00020	C
1874	英大资产	英大资产	F0050014	700,000	20	0.00020	C
1875	长江养老	长江养老	F0050015	700,000	20	0.00020	C
1876	国寿养老	国寿养老	F0050016	700,000	20	0.00020	C
1877 中意资产管理有限责任公司	中意资产管理有限责任公司	F0050017	700,000	20	0.00020	C
1878	百年保险	百年保险	F0050018	700,000	20	0.00020	C
1879	富德资产	富德资产	F0050019	700,000	20	0.00020	C
1880	华泰资产	华泰资产	F0050020	700,000	20	0.00020	C
1861 中国人寿保险股份有限公司	中国人寿保险股份有限公司	F0050001	700,000	20	0.00020	C
1862	平安养老	平安养老	F0050002	700,000	20	0.00020	C
2141 上海高毅资产管理合伙企业	上海高毅资产管理合伙企业	P0060001	700,000	20	0.00020	C
2142	景林资产	景林资产	P0060002	700,000	20	0.00020	C
2143	淡水泉投资	淡水泉投资	P0060003	700,000	20	0.00020	C
2144 重阳投资管理股份有限公司	重阳投资管理股份有限公司	P0060004	700,000	20	0.00020	C
2145	明汯投资	明汯投资	P0060005	700,000	20	0.00020	C
2146	幻方量化	幻方量化	P0060006	700,000	20	0.00020	C
2147	九坤投资	九坤投资	P0060007	700,000	20	0.00020	C
2148 宁波宁聚资产管理中心	宁波宁聚资产管理中心	P0060008	700,000	20	0.00020	C
2149	正心谷	正心谷	P0060009	700,000	20	0.00020	C
2150	凯丰投资	凯丰投资	P0060010	700,000	20	0.00020	C
2151	千合资本	千合资本	P0060011	700,000	20	0.00020	C
2152 睿远基金管理有限公司	睿远基金管理有限公司	P0060012	700,000	20	0.00020	C
2153	源乐晟	源乐晟	P0060013	700,000	20	0.00020	C
2154	星石投资	星石投资	P0060014	700,000	20	0.00020	C
2155	混沌投资	混沌投资	P0060015	700,000	20	0.00020	C
2156	彤源投资	彤源投资	P0060016	700,000	20	0.00020	C
2157 上海汐泰投资管理有限公司	上海汐泰投资管理有限公司	P0060017	700,000	20	0.00020	C
2158	和谐汇一	和谐汇一	P0060018	700,000	20	0.00020	C
2159	仁桥资产	仁桥资产	P0060019	700,000	20	0.00020	C
2160	少数派	少数派	P0060020	700,000	20	0.00020	C
2141 上海高毅资产管理合伙企业	上海高毅资产管理合伙企业	P0060001	700,000	20	0.00020	C
2142	景林资产	景林资产	P0060002	700,000	20	0.00020	C
2143	淡水泉投资	淡水泉投资	P0060003	700,000	20	0.00020	C
2144 重阳投资管理股份有限公司	重阳投资管理股份有限公司	P0060004	700,000	20	0.00020	C
2145	明汯投资	明汯投资	P0060005	700,000	20	0.00020	C
2146	幻方量化	幻方量化	P0060006	700,000	20	0.00020	C
2147	九坤投资	九坤投资	P0060007	700,000	20	0.00020	C
2148 宁波宁聚资产管理中心	宁波宁聚资产管理中心	P0060008	700,000	20	0.00020	C
2149	正心谷	正心谷	P0060009	700,000	20	0.00020	C
2150	凯丰投资	凯丰投资	P0060010	700,000	20	0.00020	C
2151	千合资本	千合资本	P0060011	700,000	20	0.00020	C
2152 睿远基金管理有限公司	睿远基金管理有限公司	P0060012	700,000	20	0.00020	C
2153	源乐晟	源乐晟	P0060013	700,000	20	0.00020	C
2154	星石投资	星石投资	P0060014	700,000	20	0.00020	C
2155	混沌投资	混沌投资	P0060015	700,000	20	0.00020	C
2156	彤源投资	彤源投资	P0060016	700,000	20	0.00020	C
2157 上海汐泰投资管理有限公司	上海汐泰投资管理有限公司	P0060017	700,000	20	0.00020	C
2158	和谐汇一	和谐汇一	P0060018	700,000	20	0.00020	C
2159	仁桥资产	仁桥资产	P0060019	700,000	20	0.00020	C
2160	少数派	少数派	P0060020	700,000	20	0.00020	C
2141 上海高毅资产管理合伙企业	上海高毅资产管理合伙企业	P0060001	700,000	20	0.00020	C
2142	景林资产	景林资产	P0060002	700,000	20	0.00020	C
2143	淡水泉投资	淡水泉投资	P0060003	700,000	20	0.00020	C
2144 重阳投资管理股份有限公司	重阳投资管理股份有限公司	P0060004	700,000	20	0.00020	C
2145	明汯投资	明汯投资	P0060005	700,000	20	0.00020	C
2146	幻方量化	幻方量化	P0060006	700,000	20	0.00020	C
2147	九坤投资	九坤投资	P0060007	700,000	20	0.00020	C
2148 宁波宁聚资产管理中心	宁波宁聚资产管理中心	P0060008	700,000	20	0.00020	C
2149	正心谷	正心谷	P0060009	700,000	20	0.00020	C
2150	凯丰投资	凯丰投资	P0060010	700,000	20	0.00020	C
2151	千合资本	千合资本	P0060011	700,000	20	0.00020	C
2152 睿远基金管理有限公司	睿远基金管理有限公司	P0060012	700,000	20	0.00020	C
2153	源乐晟	源乐晟	P0060013	700,000	20	0.00020	C
2154	星石投资	星石投资	P0060014	700,000	20	0.00020	C
2155	混沌投资	混沌投资	P0060015	700,000	20	0.00020	C
2156	彤源投资	彤源投资	P0060016	700,000	20	0.00020	C
2157 上海汐泰投资管理有限公司	上海汐泰投资管理有限公司	P0060017	700,000	20	0.00020	C
2158	和谐汇一	和谐汇一	P0060018	700,000	20	0.00020	C
2159	仁桥资产	仁桥资产	P0060019	700,000	20	0.00020	C
2160	少数派	少数派	P0060020	700,000	20	0.00020	C
2141 上海高毅资产管理合伙企业	上海高毅资产管理合伙企业	P0060001	700,000	20	0.00020	C
2142	景林资产	景林资产	P0060002	700,000	20	0.00020	C
2143	淡水泉投资	淡水泉投资	P0060003	700,000	20	0.00020	C
2144 重阳投资管理股份有限公司	重阳投资管理股份有限公司	P0060004	700,000	20	0.00020	C
2145	明汯投资	明汯投资	P0060005	700,000	20	0.00020	C
2146	幻方量化	幻方量化	P0060006	700,000	20	0.00020	C
2147	九坤投资	九坤投资	P0060007	700,000	20	0.00020	C
2148 宁波宁聚资产管理中心	宁波宁聚资产管理中心	P0060008	700,000	20	0.00020	C
2149	正心谷	正心谷	P0060009	700,000	20	0.00020	C
2150	凯丰投资	凯丰投资	P0060010	700,000	20	0.00020	C
2151	千合资本	千合资本	P0060011	700,000	20	0.00020	C
2152 睿远基金管理有限公司	睿远基金管理有限公司	P0060012	700,000	20	0.00020	C
2153	源乐晟	源乐晟	P0060013	700,000	20	0.00020	C
2154	星石投资	星石投资	P0060014	700,000	20	0.00020	C
2155	混沌投资	混沌投资	P0060015	700,000	20	0.00020	C
2156	彤源投资	彤源投资	P0060016	700,000	20	0.00020	C
2157 上海汐泰投资管理有限公司	上海汐泰投资管理有限公司	P0060017	700,000	20	0.00020	C
2158	和谐汇一	和谐汇一	P0060018	700,000	20	0.00020	C
2159	仁桥资产	仁桥资产	P0060019	700,000	20	0.00020	C
2160	少数派	少数派	P0060020	700,000	20	0.00020	C
2141 上海高毅资产管理合伙企业	上海高毅资产管理合伙企业	P0060001	700,000	20	0.00020	C
2142	景林资产	景林资产	P0060002	700,000	20	0.00020	C
2143	淡水泉投资	淡水泉投资	P0060003	700,000	20	0.00020	C
2144 重阳投资管理股份有限公司	重阳投资管理股份有限公司	P0060004	700,000	20	0.00020	C
2145	明汯投资	明汯投资	P0060005	700,000	20	0.00020	C
2146	幻方量化	幻方量化	P0060006	700,000	20	0.00020	C
2147	九坤投资	九坤投资	P0060007	700,000	20	0.00020	C
2148 宁波宁聚资产管理中心	宁波宁聚资产管理中心	P0060008	700,000	20	0.00020	C
2149	正心谷	正心谷	P0060009	700,000	20	0.00020	C
2150	凯丰投资	凯丰投资	P0060010	700,000	20	0.00020	C
2151	千合资本	千合资本	P0060011	700,000	20	0.00020	C
2152 睿远基金管理有限公司	睿远基金管理有限公司	P0060012	700,000	20	0.00020	C
2153	源乐晟	源乐晟	P0060013	700,000	20	0.00020	C
2154	星石投资	星石投资	P0060014	700,000	20	0.00020	C
2155	混沌投资	混沌投资	P0060015	700,000	20	0.00020	C
2156	彤源投资	彤源投资	P0060016	700,000	20	0.00020	C
2157 上海汐泰投资管理有限公司	上海汐泰投资管理有限公司	P0060017	700,000	20	0.00020	C
2158	和谐汇一	和谐汇一	P0060018	700,000	20	0.00020	C
2159	仁桥资产	仁桥资产	P0060019	700,000	20	0.00020	C
2160	少数派	少数派	P0060020	700,000	20	0.00020	C
2141 上海高毅资产管理合伙企业	上海高毅资产管理合伙企业	P0060001	700,000	20	0.00020	C
2142	景林资产	景林资产	P0060002	700,000	20	0.00020	C
2143	淡水泉投资	淡水泉投资	P0060003	700,000	20	0.00020	C
2144 重阳投资管理股份有限公司	重阳投资管理股份有限公司	P0060004	700,000	20	0.00020	C
2145	明汯投资	明汯投资	P0060005	700,000	20	0.00020	C
2146	幻方量化	幻方量化	P0060006	700,000	20	0.00020	C
2147	九坤投资	九坤投资	P0060007	700,000	20	0.00020	C
2148 宁波宁聚资产管理中心	宁波宁聚资产管理中心	P0060008	700,000	20	0.00020	C
2149	正心谷	正心谷	P0060009	700,000	20	0.00020	C
2150	凯丰投资	凯丰投资	P0060010	700,000	20	0.00020	C
2151	千合资本	千合资本	P0060011	700,000	20	0.00020	C
2152 睿远基金管理有限公司	睿远基金管理有限公司	P0060012	700,000	20	0.00020	C
2153	源乐晟	源乐晟	P0060013	700,000	20	0.00020	C
2154	星石投资	星石投资	P0060014	700,000	20	0.00020	C
2155	混沌投资	混沌投资	P0060015	700,000	20	0.00020	C
2156	彤源投资	彤源投资	P0060016	700,000	20	0.00020	C
2157 上海汐泰投资管理有限公司	上海汐泰投资管理有限公司	P0060017	700,000	20	0.00020	C
2158	和谐汇一	和谐汇一	P0060018	700,000	20	0.00020	C
2159	仁桥资产	仁桥资产	P0060019	700,000	20	0.00020	C
2160	少数派	少数派	P0060020	700,000	20	0.00020	C
2141 上海高毅资产管理合伙企业	上海高毅资产管理合伙企业	P0060001	700,000	20	0.00020	C
2142	景林资产	景林资产	P0060002	700,000	20	0.00020	C
2143	淡水泉投资	淡水泉投资	P0060003	700,000	20	0.00020	C
2144 重阳投资管理股份有限公司	重阳投资管理股份有限公司	P0060004	700,000	20	0.00020	C
2145	明汯投资	明汯投资	P0060005	700,000	20	0.00020	C
2146	幻方量化	幻方量化	P0060006	700,000	20	0.00020	C
2147	九坤投资	九坤投资	P0060007	700,000	20	0.00020	C
2148 宁波宁聚资产管理中心	宁波宁聚资产管理中心	P0060008	700,000	20	0.00020	C
2149	正心谷	正心谷	P0060009	700,000	20	0.00020	C
2150	凯丰投资	凯丰投资	P0060010	700,000	20	0.00020	C
2151	千合资本	千合资本	P0060011	700,000	20	0.00020	C
2152 睿远基金管理有限公司	睿远基金管理有限公司	P0060012	700,000	20	0.00020	C
2153	源乐晟	源乐晟	P0060013	700,000	20	0.00020	C
2154	星石投资	星石投资	P0060014	700,000	20	0.00020	C
2155	混沌投资	混沌投资	P0060015	700,000	20	0.00020	C
2156	彤源投资	彤源投资	P0060016	700,000	20	0.00020	C
2157 上海汐泰投资管理有限公司	上海汐泰投资管理有限公司	P0060017	700,000	20	0.00020	C
2158	和谐汇一	和谐汇一	P0060018	700,000	20	0.00020	C
2159	仁桥资产	仁桥资产	P0060019	700,000	20	0.00020	C
2160	少数派	少数派	P0060020	700,000	20	0.00020	C
2141 上海高毅资产管理合伙企业	上海高毅资产管理合伙企业	P0060001	700,000	20	0.00020	C
2142	景林资产	景林资产	P0060002	700,000	20	0.00020	C
2143	淡水泉投资	淡水泉投资	P0060003	700,000	20	0.00020	C
2144 重阳投资管理股份有限公司	重阳投资管理股份有限公司	P0060004	700,000	20	0.00020	C
2145	明汯投资	明汯投资	P0060005	700,000	20	0.00020	C
2146	幻方量化	幻方量化	P0060006	700,000	20	0.00020	C
2147	九坤投资	九坤投资	P0060007	700,000	20	0.00020	C
2148 宁波宁聚资产管理中心	宁波宁聚资产管理中心	P0060008	700,000	20	0.00020	C
2149	正心谷	正心谷	P0060009	700,000	20	0.00020	C
2150	凯丰投资	凯丰投资	P0060010	700,000	20	0.00020	C
2151	千合资本	千合资本	P0060011	700,000	20	0.00020	C
2152 睿远基金管理有限公司	睿远基金管理有限公司	P0060012	700,000	20	0.00020	C
2153	源乐晟	源乐晟	P0060013	700,000	20	0.00020	C
2154	星石投资	星石投资	P0060014	700,000	20	0.00020	C
2155	混沌投资	混沌投资	P0060015	700,000	20	0.00020	C
2156	彤源投资	彤源投资	P0060016	700,000	20	0.00020	C
2157 上海汐泰投资管理有限公司	上海汐泰投资管理有限公司	P0060017	700,000	20	0.00020	C
2158	和谐汇一	和谐汇一	P0060018	700,000	20	0.00020	C
2159	仁桥资产	仁桥资产	P0060019	700,000	20	0.00020	C
2160	少数派	少数派	P0060020	700,000	20	0.00020	C
2141 上海高毅资产管理合伙企业	上海高毅资产管理合伙企业	P0060001	700,000	20	0.00020	C
2142	景林资产	景林资产	P0060002	700,000	20	0.00020	C
2143	淡水泉投资	淡水泉投资	P0060003	700,000	20	0.00020	C
2144 重阳投资管理股份有限公司	重阳投资管理股份有限公司	P0060004	700,000	20	0.00020	C
2145	明汯投资	明汯投资	P0060005	700,000	20	0.00020	C
2146	幻方量化	幻方量化	P0060006	700,000	20	0.00020	C
2147	九坤投资	九坤投资	P0060007	700,000	20	0.00020	C
2148 宁波宁聚资产管理中心	宁波宁聚资产管理中心	P0060008	700,000	20	0.00020	C
2149	正心谷	正心谷	P0060009	700,000	20	0.00020	C
2150	凯丰投资	凯丰投资	P0060010	700,000	20	0.00020	C
2151	千合资本	千合资本	P0060011	700,000	20	0.00020	C
2152 睿远基金管理有限公司	睿远基金管理有限公司	P0060012	700,000	20	0.00020	C
2153	源乐晟	源乐晟	P0060013	700,000	20	0.00020	C
2154	星石投资	星石投资	P0060014	700,000	20	0.00020	C
2155	混沌投资	混沌投资	P0060015	700,000	20	0.00020	C
2156	彤源投资	彤源投资	P0060016	700,000	20	0.00020	C
2157 上海汐泰投资管理有限公司	上海汐泰投资管理有限公司	P0060017	700,000	20	0.00020	C
2158	和谐汇一	和谐汇一	P0060018	700,000	20	0.00020	C
2159	仁桥资产	仁桥资产	P0060019	700,000	20	0.00020	C
2160	少数派	少数派	P0060020	700,000	20	0.00020	C
2141 上海高毅资产管理合伙企业	上海高毅资产管理合伙企业	P0060001	700,000	20	0.00020	C
2142	景林资产	景林资产	P0060002	700,000	20	0.00020	C
2421 全国社保基金一零一组合	全国社保基金一零一组合	S0070001	700,000	20	0.00020	A
2422	社保基金一零二组合	社保基金一零二组合	S0070002	700,000	20	0.00020	A
2423	社保基金一零三组合	社保基金一零三组合	S0070003	700,000	20	0.00020	A
2424 基本养老保险基金一二零一组合	基本养老保险基金一二零一组合	S0070004	700,000	20	0.00020	A
2425	企业年金计划	企业年金计划	S0070005	700,000	20	0.00020	A
2426	职业年金计划	职业年金计划	S0070006	700,000	20	0.00020	A
2427	社保基金四零六组合	社保基金四零六组合	S0070007	700,000	20	0.00020	A
2428 基本养老保险基金八零二组合	基本养老保险基金八零二组合	S0070008	700,000	20	0.00020	A
2429	中信建投	中信建投	S0070009	700,000	20	0.00020	C
2430	国金证券	国金证券	S0070010	700,000	20	0.00020	C
2431	华西证券	华西证券	S0070011	700,000	20	0.00020	C
2432 财通证券股份有限公司	财通证券股份有限公司	S0070012	700,000	20	0.00020	C
2433	国元证券	国元证券	S0070013	700,000	20	0.00020	C
2434	东北证券	东北证券	S0070014	700,000	20	0.00020	C
2435	西部证券	西部证券	S0070015	700,000	20	0.00020	C
2436	长城证券	长城证券	S0070016	700,000	20	0.00020	C
2437 第一创业证券股份有限公司	第一创业证券股份有限公司	S0070017	700,000	20	0.00020	C
2438	中泰证券	中泰证券	S0070018	700,000	20	0.00020	C
2439	天风证券	天风证券	S0070019	700,000	20	0.00020	C
2440	开源证券	开源证券	S0070020	700,000	20	0.00020	C
2421 全国社保基金一零一组合	全国社保基金一零一组合	S0070001	700,000	20	0.00020	A
2422	社保基金一零二组合	社保基金一零二组合	S0070002	700,000	20	0.00020	A
2423	社保基金一零三组合	社保基金一零三组合	S0070003	700,000	20	0.00020	A
2424 基本养老保险基金一二零一组合	基本养老保险基金一二零一组合	S0070004	700,000	20	0.00020	A
2425	企业年金计划	企业年金计划	S0070005	700,000	20	0.00020	A
2426	职业年金计划	职业年金计划	S0070006	700,000	20	0.00020	A
2427	社保基金四零六组合	社保基金四零六组合	S0070007	700,000	20	0.00020	A
2428 基本养老保险基金八零二组合	基本养老保险基金八零二组合	S0070008	700,000	20	0.00020	A
2429	中信建投	中信建投	S0070009	700,000	20	0.00020	C
2430	国金证券	国金证券	S0070010	700,000	20	0.00020	C
2431	华西证券	华西证券	S0070011	700,000	20	0.00020	C
2432 财通证券股份有限公司	财通证券股份有限公司	S0070012	700,000	20	0.00020	C
2433	国元证券	国元证券	S0070013	700,000	20	0.00020	C
2434	东北证券	东北证券	S0070014	700,000	20	0.00020	C
2435	西部证券	西部证券	S0070015	700,000	20	0.00020	C
2436	长城证券	长城证券	S0070016	700,000	20	0.00020	C
2437 第一创业证券股份有限公司	第一创业证券股份有限公司	S0070017	700,000	20	0.00020	C
2438	中泰证券	中泰证券	S0070018	700,000	20	0.00020	C
2439	天风证券	天风证券	S0070019	700,000	20	0.00020	C
2440	开源证券	开源证券	S0070020	700,000	20	0.00020	C
2421 全国社保基金一零一组合	全国社保基金一零一组合	S0070001	700,000	20	0.00020	A
2422	社保基金一零二组合	社保基金一零二组合	S0070002	700,000	20	0.00020	A
2423	社保基金一零三组合	社保基金一零三组合	S0070003	700,000	20	0.00020	A
2424 基本养老保险基金一二零一组合	基本养老保险基金一二零一组合	S0070004	700,000	20	0.00020	A
2425	企业年金计划	企业年金计划	S0070005	700,000	20	0.00020	A
2426	职业年金计划	职业年金计划	S0070006	700,000	20	0.00020	A
2427	社保基金四零六组合	社保基金四零六组合	S0070007	700,000	20	0.00020	A
2428 基本养老保险基金八零二组合	基本养老保险基金八零二组合	S0070008	700,000	20	0.00020	A
2429	中信建投	中信建投	S0070009	700,000	20	0.00020	C
2430	国金证券	国金证券	S0070010	700,000	20	0.00020	C
2431	华西证券	华西证券	S0070011	700,000	20	0.00020	C
2432 财通证券股份有限公司	财通证券股份有限公司	S0070012	700,000	20	0.00020	C
2433	国元证券	国元证券	S0070013	700,000	20	0.00020	C
2434	东北证券	东北证券	S0070014	700,000	20	0.00020	C
2435	西部证券	西部证券	S0070015	700,000	20	0.00020	C
2436	长城证券	长城证券	S0070016	700,000	20	0.00020	C
2437 第一创业证券股份有限公司	第一创业证券股份有限公司	S0070017	700,000	20	0.00020	C
2438	中泰证券	中泰证券	S0070018	700,000	20	0.00020	C
2439	天风证券	天风证券	S0070019	700,000	20	0.00020	C
2440	开源证券	开源证券	S0070020	700,000	20	0.00020	C
2421 全国社保基金一零一组合	全国社保基金一零一组合	S0070001	700,000	20	0.00020	A
2422	社保基金一零二组合	社保基金一零二组合	S0070002	700,000	20	0.00020	A
2423	社保基金一零三组合	社保基金一零三组合	S0070003	700,000	20	0.00020	A
2424 基本养老保险基金一二零一组合	基本养老保险基金一二零一组合	S0070004	700,000	20	0.00020	A
2425	企业年金计划	企业年金计划	S0070005	700,000	20	0.00020	A
2426	职业年金计划	职业年金计划	S0070006	700,000	20	0.00020	A
2427	社保基金四零六组合	社保基金四零六组合	S0070007	700,000	20	0.00020	A
2428 基本养老保险基金八零二组合	基本养老保险基金八零二组合	S0070008	700,000	20	0.00020	A
2429	中信建投	中信建投	S0070009	700,000	20	0.00020	C
2430	国金证券	国金证券	S0070010	700,000	20	0.00020	C
2431	华西证券	华西证券	S0070011	700,000	20	0.00020	C
2432 财通证券股份有限公司	财通证券股份有限公司	S0070012	700,000	20	0.00020	C
2433	国元证券	国元证券	S0070013	700,000	20	0.00020	C
2434	东北证券	东北证券	S0070014	700,000	20	0.00020	C
2435	西部证券	西部证券	S0070015	700,000	20	0.00020	C
2436	长城证券	长城证券	S0070016	700,000	20	0.00020	C
2437 第一创业证券股份有限公司	第一创业证券股份有限公司	S0070017	700,000	20	0.00020	C
2438	中泰证券	中泰证券	S0070018	700,000	20	0.00020	C
2439	天风证券	天风证券	S0070019	700,000	20	0.00020	C
2440	开源证券	开源证券	S0070020	700,000	20	0.00020	C
2421 全国社保基金一零一组合	全国社保基金一零一组合	S0070001	700,000	20	0.00020	A
2422	社保基金一零二组合	社保基金一零二组合	S0070002	700,000	20	0.00020	A
2423	社保基金一零三组合	社保基金一零三组合	S0070003	700,000	20	0.00020	A
2424 基本养老保险基金一二零一组合	基本养老保险基金一二零一组合	S0070004	700,000	20	0.00020	A
2425	企业年金计划	企业年金计划	S0070005	700,000	20	0.00020	A
2426	职业年金计划	职业年金计划	S0070006	700,000	20	0.00020	A
2427	社保基金四零六组合	社保基金四零六组合	S0070007	700,000	20	0.00020	A
2428 基本养老保险基金八零二组合	基本养老保险基金八零二组合	S0070008	700,000	20	0.00020	A
2429	中信建投	中信建投	S0070009	700,000	20	0.00020	C
2430	国金证券	国金证券	S0070010	700,000	20	0.00020	C
2431	华西证券	华西证券	S0070011	700,000	20	0.00020	C
2432 财通证券股份有限公司	财通证券股份有限公司	S0070012	700,000	20	0.00020	C
2433	国元证券	国元证券	S0070013	700,000	20	0.00020	C
2434	东北证券	东北证券	S0070014	700,000	20	0.00020	C
2435	西部证券	西部证券	S0070015	700,000	20	0.00020	C
2436	长城证券	长城证券	S0070016	700,000	20	0.00020	C
2437 第一创业证券股份有限公司	第一创业证券股份有限公司	S0070017	700,000	20	0.00020	C
2438	中泰证券	中泰证券	S0070018	700,000	20	0.00020	C
2439	天风证券	天风证券	S0070019	700,000	20	0.00020	C
2440	开源证券	开源证券	S0070020	700,000	20	0.00020	C
2421 全国社保基金一零一组合	全国社保基金一零一组合	S0070001	700,000	20	0.00020	A
2422	社保基金一零二组合	社保基金一零二组合	S0070002	700,000	20	0.00020	A
2423	社保基金一零三组合	社保基金一零三组合	S0070003	700,000	20	0.00020	A
2424 基本养老保险基金一二零一组合	基本养老保险基金一二零一组合	S0070004	700,000	20	0.00020	A
2425	企业年金计划	企业年金计划	S0070005	700,000	20	0.00020	A
2426	职业年金计划	职业年金计划	S0070006	700,000	20	0.00020	A
2427	社保基金四零六组合	社保基金四零六组合	S0070007	700,000	20	0.00020	A
2428 基本养老保险基金八零二组合	基本养老保险基金八零二组合	S0070008	700,000	20	0.00020	A
2429	中信建投	中信建投	S0070009	700,000	20	0.00020	C
2430	国金证券	国金证券	S0070010	700,000	20	0.00020	C
2431	华西证券	华西证券	S0070011	700,000	20	0.00020	C
2432 财通证券股份有限公司	财通证券股份有限公司	S0070012	700,000	20	0.00020	C
2433	国元证券	国元证券	S0070013	700,000	20	0.00020	C
2434	东北证券	东北证券	S0070014	700,000	20	0.00020	C
2435	西部证券	西部证券	S0070015	700,000	20	0.00020	C
2436	长城证券	长城证券	S0070016	700,000	20	0.00020	C
2437 第一创业证券股份有限公司	第一创业证券股份有限公司	S0070017	700,000	20	0.00020	C
2438	中泰证券	中泰证券	S0070018	700,000	20	0.00020	C
2439	天风证券	天风证券	S0070019	700,000	20	0.00020	C
2440	开源证券	开源证券	S0070020	700,000	20	0.00020	C
2421 全国社保基金一零一组合	全国社保基金一零一组合	S0070001	700,000	20	0.00020	A
2422	社保基金一零二组合	社保基金一零二组合	S0070002	700,000	20	0.00020	A
2423	社保基金一零三组合	社保基金一零三组合	S0070003	700,000	20	0.00020	A
2424 基本养老保险基金一二零一组合	基本养老保险基金一二零一组合	S0070004	700,000	20	0.00020	A
2425	企业年金计划	企业年金计划	S0070005	700,000	20	0.00020	A
2426	职业年金计划	职业年金计划	S0070006	700,000	20	0.00020	A
2427	社保基金四零六组合	社保基金四零六组合	S0070007	700,000	20	0.00020	A
2428 基本养老保险基金八零二组合	基本养老保险基金八零二组合	S0070008	700,000	20	0.00020	A
2429	中信建投	中信建投	S0070009	700,000	20	0.00020	C
2430	国金证券	国金证券	S0070010	700,000	20	0.00020	C
2431	华西证券	华西证券	S0070011	700,000	20	0.00020	C
2432 财通证券股份有限公司	财通证券股份有限公司	S0070012	700,000	20	0.00020	C
2433	国元证券	国元证券	S0070013	700,000	20	0.00020	C
2434	东北证券	东北证券	S0070014	700,000	20	0.00020	C
2435	西部证券	西部证券	S0070015	700,000	20	0.00020	C
2436	长城证券	长城证券	S0070016	700,000	20	0.00020	C
2437 第一创业证券股份有限公司	第一创业证券股份有限公司	S0070017	700,000	20	0.00020	C
2438	中泰证券	中泰证券	S0070018	700,000	20	0.00020	C
2439	天风证券	天风证券	S0070019	700,000	20	0.00020	C
2440	开源证券	开源证券	S0070020	700,000	20	0.00020	C
2421 全国社保基金一零一组合	全国社保基金一零一组合	S0070001	700,000	20	0.00020	A
2422	社保基金一零二组合	社保基金一零二组合	S0070002	700,000	20	0.00020	A
2423	社保基金一零三组合	社保基金一零三组合	S0070003	700,000	20	0.00020	A
2424 基本养老保险基金一二零一组合	基本养老保险基金一二零一组合	S0070004	700,000	20	0.00020	A
2425	企业年金计划	企业年金计划	S0070005	700,000	20	0.00020	A
2426	职业年金计划	职业年金计划	S0070006	700,000	20	0.00020	A
2427	社保基金四零六组合	社保基金四零六组合	S0070007	700,000	20	0.00020	A
2428 基本养老保险基金八零二组合	基本养老保险基金八零二组合	S0070008	700,000	20	0.00020	A
2429	中信建投	中信建投	S0070009	700,000	20	0.00020	C
2430	国金证券	国金证券	S0070010	700,000	20	0.00020	C
2431	华西证券	华西证券	S0070011	700,000	20	0.00020	C
2432 财通证券股份有限公司	财通证券股份有限公司	S0070012	700,000	20	0.00020	C
2433	国元证券	国元证券	S0070013	700,000	20	0.00020	C
2434	东北证券	东北证券	S0070014	700,000	20	0.00020	C
2435	西部证券	西部证券	S0070015	700,000	20	0.00020	C
2436	长城证券	长城证券	S0070016	700,000	20	0.00020	C
2437 第一创业证券股份有限公司	第一创业证券股份有限公司	S0070017	700,000	20	0.00020	C
2438	中泰证券	中泰证券	S0070018	700,000	20	0.00020	C
2439	天风证券	天风证券	S0070019	700,000	20	0.00020	C
2440	开源证券	开源证券	S0070020	700,000	20	0.00020	C
2421 全国社保基金一零一组合	全国社保基金一零一组合	S0070001	700,000	20	0.00020	A
2422	社保基金一零二组合	社保基金一零二组合	S0070002	700,000	20	0.00020	A
2423	社保基金一零三组合	社保基金一零三组合	S0070003	700,000	20	0.00020	A
2424 基本养老保险基金一二零一组合	基本养老保险基金一二零一组合	S0070004	700,000	20	0.00020	A
2425	企业年金计划	企业年金计划	S0070005	700,000	20	0.00020	A
2426	职业年金计划	职业年金计划	S0070006	700,000	20	0.00020	A
2427	社保基金四零六组合	社保基金四零六组合	S0070007	700,000	20	0.00020	A
2428 基本养老保险基金八零二组合	基本养老保险基金八零二组合	S0070008	700,000	20	0.00020	A
2429	中信建投	中信建投	S0070009	700,000	20	0.00020	C
2430	国金证券	国金证券	S0070010	700,000	20	0.00020	C
2431	华西证券	华西证券	S0070011	700,000	20	0.00020	C
2432 财通证券股份有限公司	财通证券股份有限公司	S0070012	700,000	20	0.00020	C
2433	国元证券	国元证券	S0070013	700,000	20	0.00020	C
2434	东北证券	东北证券	S0070014	700,000	20	0.00020	C
2435	西部证券	西部证券	S0070015	700,000	20	0.00020	C
2436	长城证券	长城证券	S0070016	700,000	20	0.00020	C
2437 第一创业证券股份有限公司	第一创业证券股份有限公司	S0070017	700,000	20	0.00020	C
2438	中泰证券	中泰证券	S0070018	700,000	20	0.00020	C
2439	天风证券	天风证券	S0070019	700,000	20	0.00020	C
2440	开源证券	开源证券	S0070020	700,000	20	0.00020	C
2421 全国社保基金一零一组合	全国社保基金一零一组合	S0070001	700,000	20	0.00020	A
2422	社保基金一零二组合	社保基金一零二组合	S0070002	700,000	20	0.00020	A
（下转39版）
